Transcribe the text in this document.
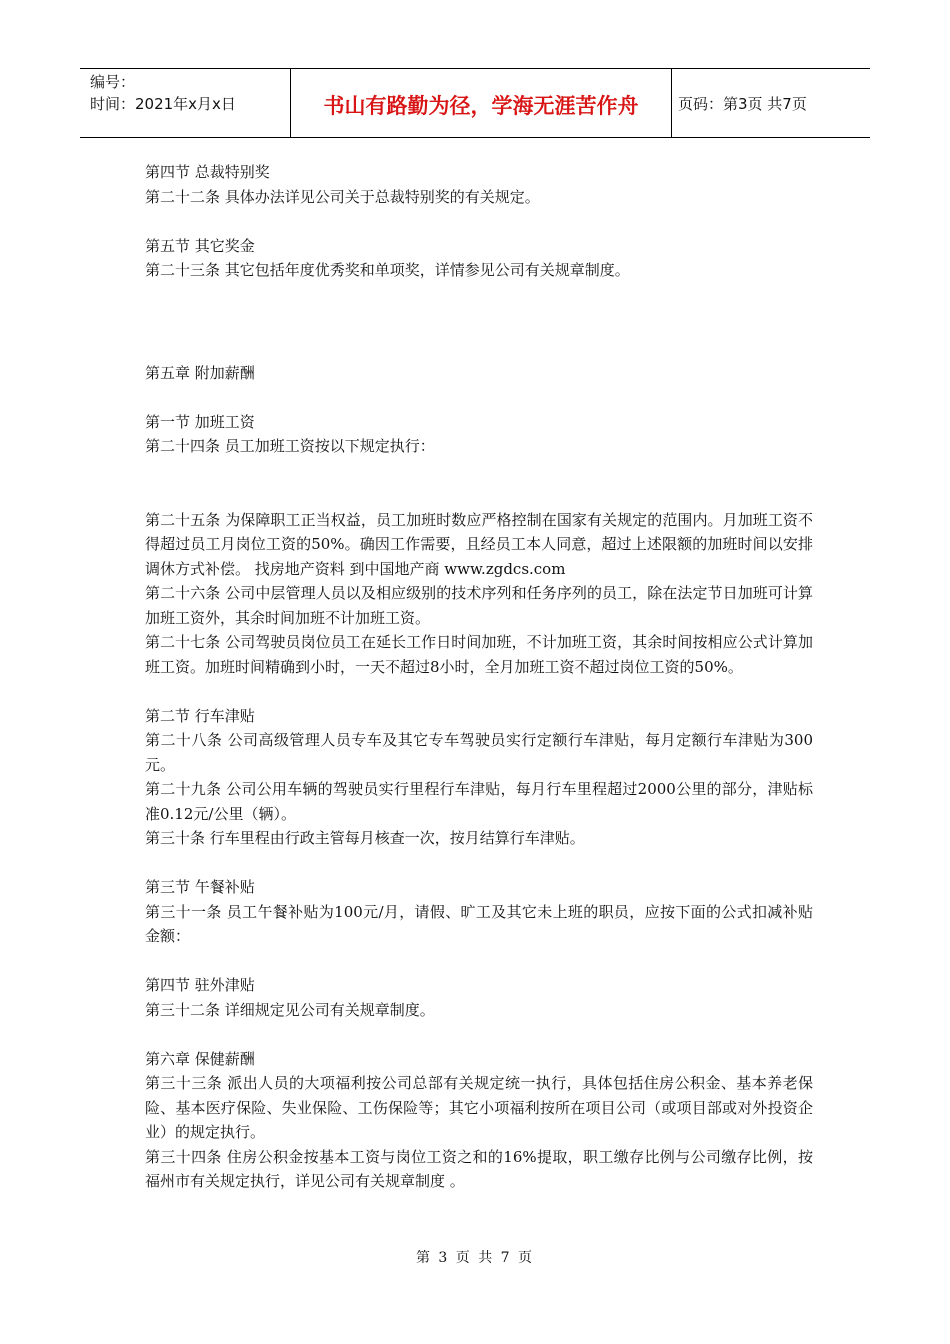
编号：
时间：2021年x月x日	书山有路勤为径，学海无涯苦作舟	页码：第3页 共7页
第四节 总裁特别奖
第二十二条 具体办法详见公司关于总裁特别奖的有关规定。
第五节 其它奖金
第二十三条 其它包括年度优秀奖和单项奖，详情参见公司有关规章制度。
第五章 附加薪酬
第一节 加班工资
第二十四条 员工加班工资按以下规定执行：
第二十五条 为保障职工正当权益，员工加班时数应严格控制在国家有关规定的范围内。月加班工资不得超过员工月岗位工资的50%。确因工作需要，且经员工本人同意，超过上述限额的加班时间以安排调休方式补偿。 找房地产资料 到中国地产商 www.zgdcs.com
第二十六条 公司中层管理人员以及相应级别的技术序列和任务序列的员工，除在法定节日加班可计算加班工资外，其余时间加班不计加班工资。
第二十七条 公司驾驶员岗位员工在延长工作日时间加班，不计加班工资，其余时间按相应公式计算加班工资。加班时间精确到小时，一天不超过8小时，全月加班工资不超过岗位工资的50%。
第二节 行车津贴
第二十八条 公司高级管理人员专车及其它专车驾驶员实行定额行车津贴，每月定额行车津贴为300元。
第二十九条 公司公用车辆的驾驶员实行里程行车津贴，每月行车里程超过2000公里的部分，津贴标准0.12元/公里（辆）。
第三十条 行车里程由行政主管每月核查一次，按月结算行车津贴。
第三节 午餐补贴
第三十一条 员工午餐补贴为100元/月，请假、旷工及其它未上班的职员，应按下面的公式扣减补贴金额：
第四节 驻外津贴
第三十二条 详细规定见公司有关规章制度。
第六章 保健薪酬
第三十三条 派出人员的大项福利按公司总部有关规定统一执行，具体包括住房公积金、基本养老保险、基本医疗保险、失业保险、工伤保险等；其它小项福利按所在项目公司（或项目部或对外投资企业）的规定执行。
第三十四条 住房公积金按基本工资与岗位工资之和的16%提取，职工缴存比例与公司缴存比例，按福州市有关规定执行，详见公司有关规章制度 。
第 3 页 共 7 页
